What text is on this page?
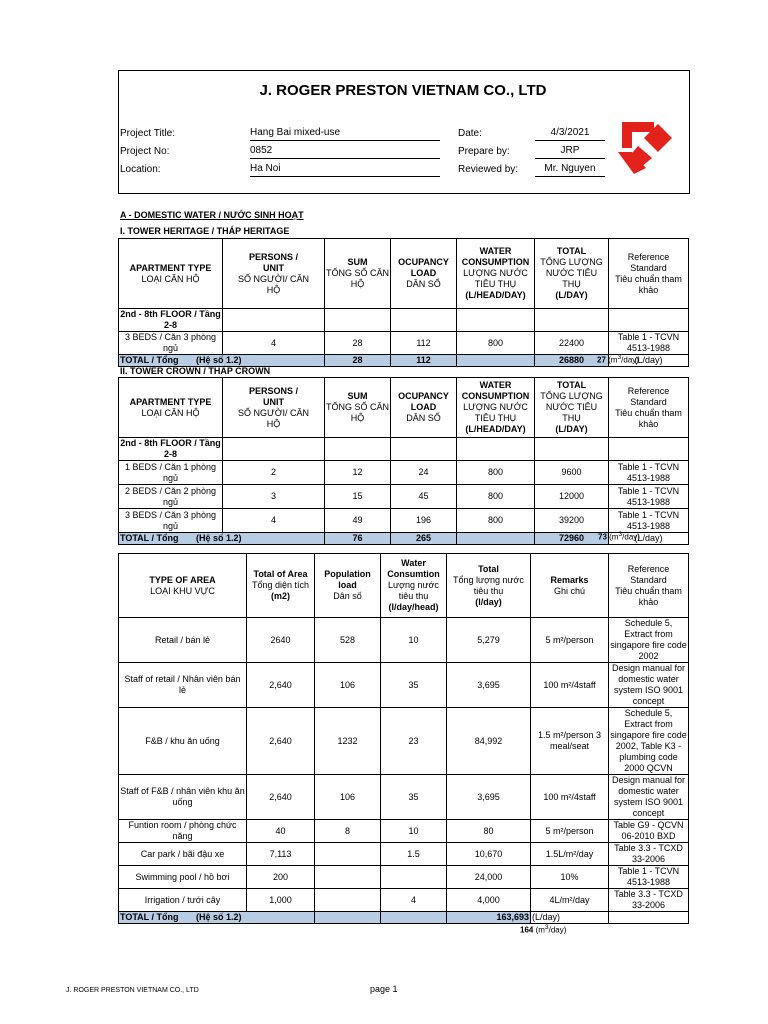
J. ROGER PRESTON VIETNAM CO., LTD
Project Title:	Hang Bai mixed-use
Project No:	0852
Location:	Ha Noi
Date:	4/3/2021
Prepare by:	JRP
Reviewed by:	Mr. Nguyen
A - DOMESTIC WATER / NƯỚC SINH HOẠT
I. TOWER HERITAGE / THÁP HERITAGE
APARTMENT TYPE
LOẠI CĂN HỘ	PERSONS /
UNIT
SỐ NGƯỜI/ CĂN
HỘ	SUM
TỔNG SỐ CĂN
HỘ	OCUPANCY
LOAD
DÂN SỐ	WATER
CONSUMPTION
LƯỢNG NƯỚC
TIÊU THỤ
(L/HEAD/DAY)	TOTAL
TỔNG LƯỢNG
NƯỚC TIÊU THỤ
(L/DAY)	Reference
Standard
Tiêu chuẩn tham
khảo
2nd - 8th FLOOR / Tầng 2-8						
3 BEDS / Căn 3 phòng ngủ	4	28	112	800	22400	Table 1 - TCVN 4513-1988
TOTAL / Tổng (Hệ số 1.2)		28	112		26880	(L/day)
27 $(m^3/day)$
II. TOWER CROWN / THÁP CROWN
APARTMENT TYPE
LOẠI CĂN HỘ	PERSONS /
UNIT
SỐ NGƯỜI/ CĂN
HỘ	SUM
TỔNG SỐ CĂN
HỘ	OCUPANCY
LOAD
DÂN SỐ	WATER
CONSUMPTION
LƯỢNG NƯỚC
TIÊU THỤ
(L/HEAD/DAY)	TOTAL
TỔNG LƯỢNG
NƯỚC TIÊU THỤ
(L/DAY)	Reference
Standard
Tiêu chuẩn tham
khảo
2nd - 8th FLOOR / Tầng 2-8						
1 BEDS / Căn 1 phòng ngủ	2	12	24	800	9600	Table 1 - TCVN 4513-1988
2 BEDS / Căn 2 phòng ngủ	3	15	45	800	12000	Table 1 - TCVN 4513-1988
3 BEDS / Căn 3 phòng ngủ	4	49	196	800	39200	Table 1 - TCVN 4513-1988
TOTAL / Tổng (Hệ số 1.2)		76	265		72960	(L/day)
73 $(m^3/day)$
TYPE OF AREA
LOẠI KHU VỰC	Total of Area
Tổng diện tích
(m2)	Population
load
Dân số	Water
Consumtion
Lượng nước
tiêu thụ
(l/day/head)	Total
Tổng lượng nước
tiêu thụ
(l/day)	Remarks
Ghi chú	Reference
Standard
Tiêu chuẩn tham
khảo
Retail / bán lẻ	2640	528	10	5,279	5 m²/person	Schedule 5, Extract from singapore fire code 2002
Staff of retail / Nhân viên bán lẻ	2,640	106	35	3,695	100 m²/4staff	Design manual for domestic water system ISO 9001 concept
F&B / khu ăn uống	2,640	1232	23	84,992	1.5 m²/person 3 meal/seat	Schedule 5, Extract from singapore fire code 2002, Table K3 - plumbing code 2000 QCVN
Staff of F&B / nhân viên khu ăn uống	2,640	106	35	3,695	100 m²/4staff	Design manual for domestic water system ISO 9001 concept
Funtion room / phòng chức năng	40	8	10	80	5 m²/person	Table G9 - QCVN 06-2010 BXD
Car park / bãi đậu xe	7,113		1.5	10,670	1.5L/m²/day	Table 3.3 - TCXD 33-2006
Swimming pool / hồ bơi	200			24,000	10%	Table 1 - TCVN 4513-1988
Irrigation / tưới cây	1,000		4	4,000	4L/m²/day	Table 3.3 - TCXD 33-2006
TOTAL / Tổng (Hệ số 1.2)				163,693	(L/day)	
164 $(m^3/day)$
J. ROGER PRESTON VIETNAM CO., LTD	page 1
